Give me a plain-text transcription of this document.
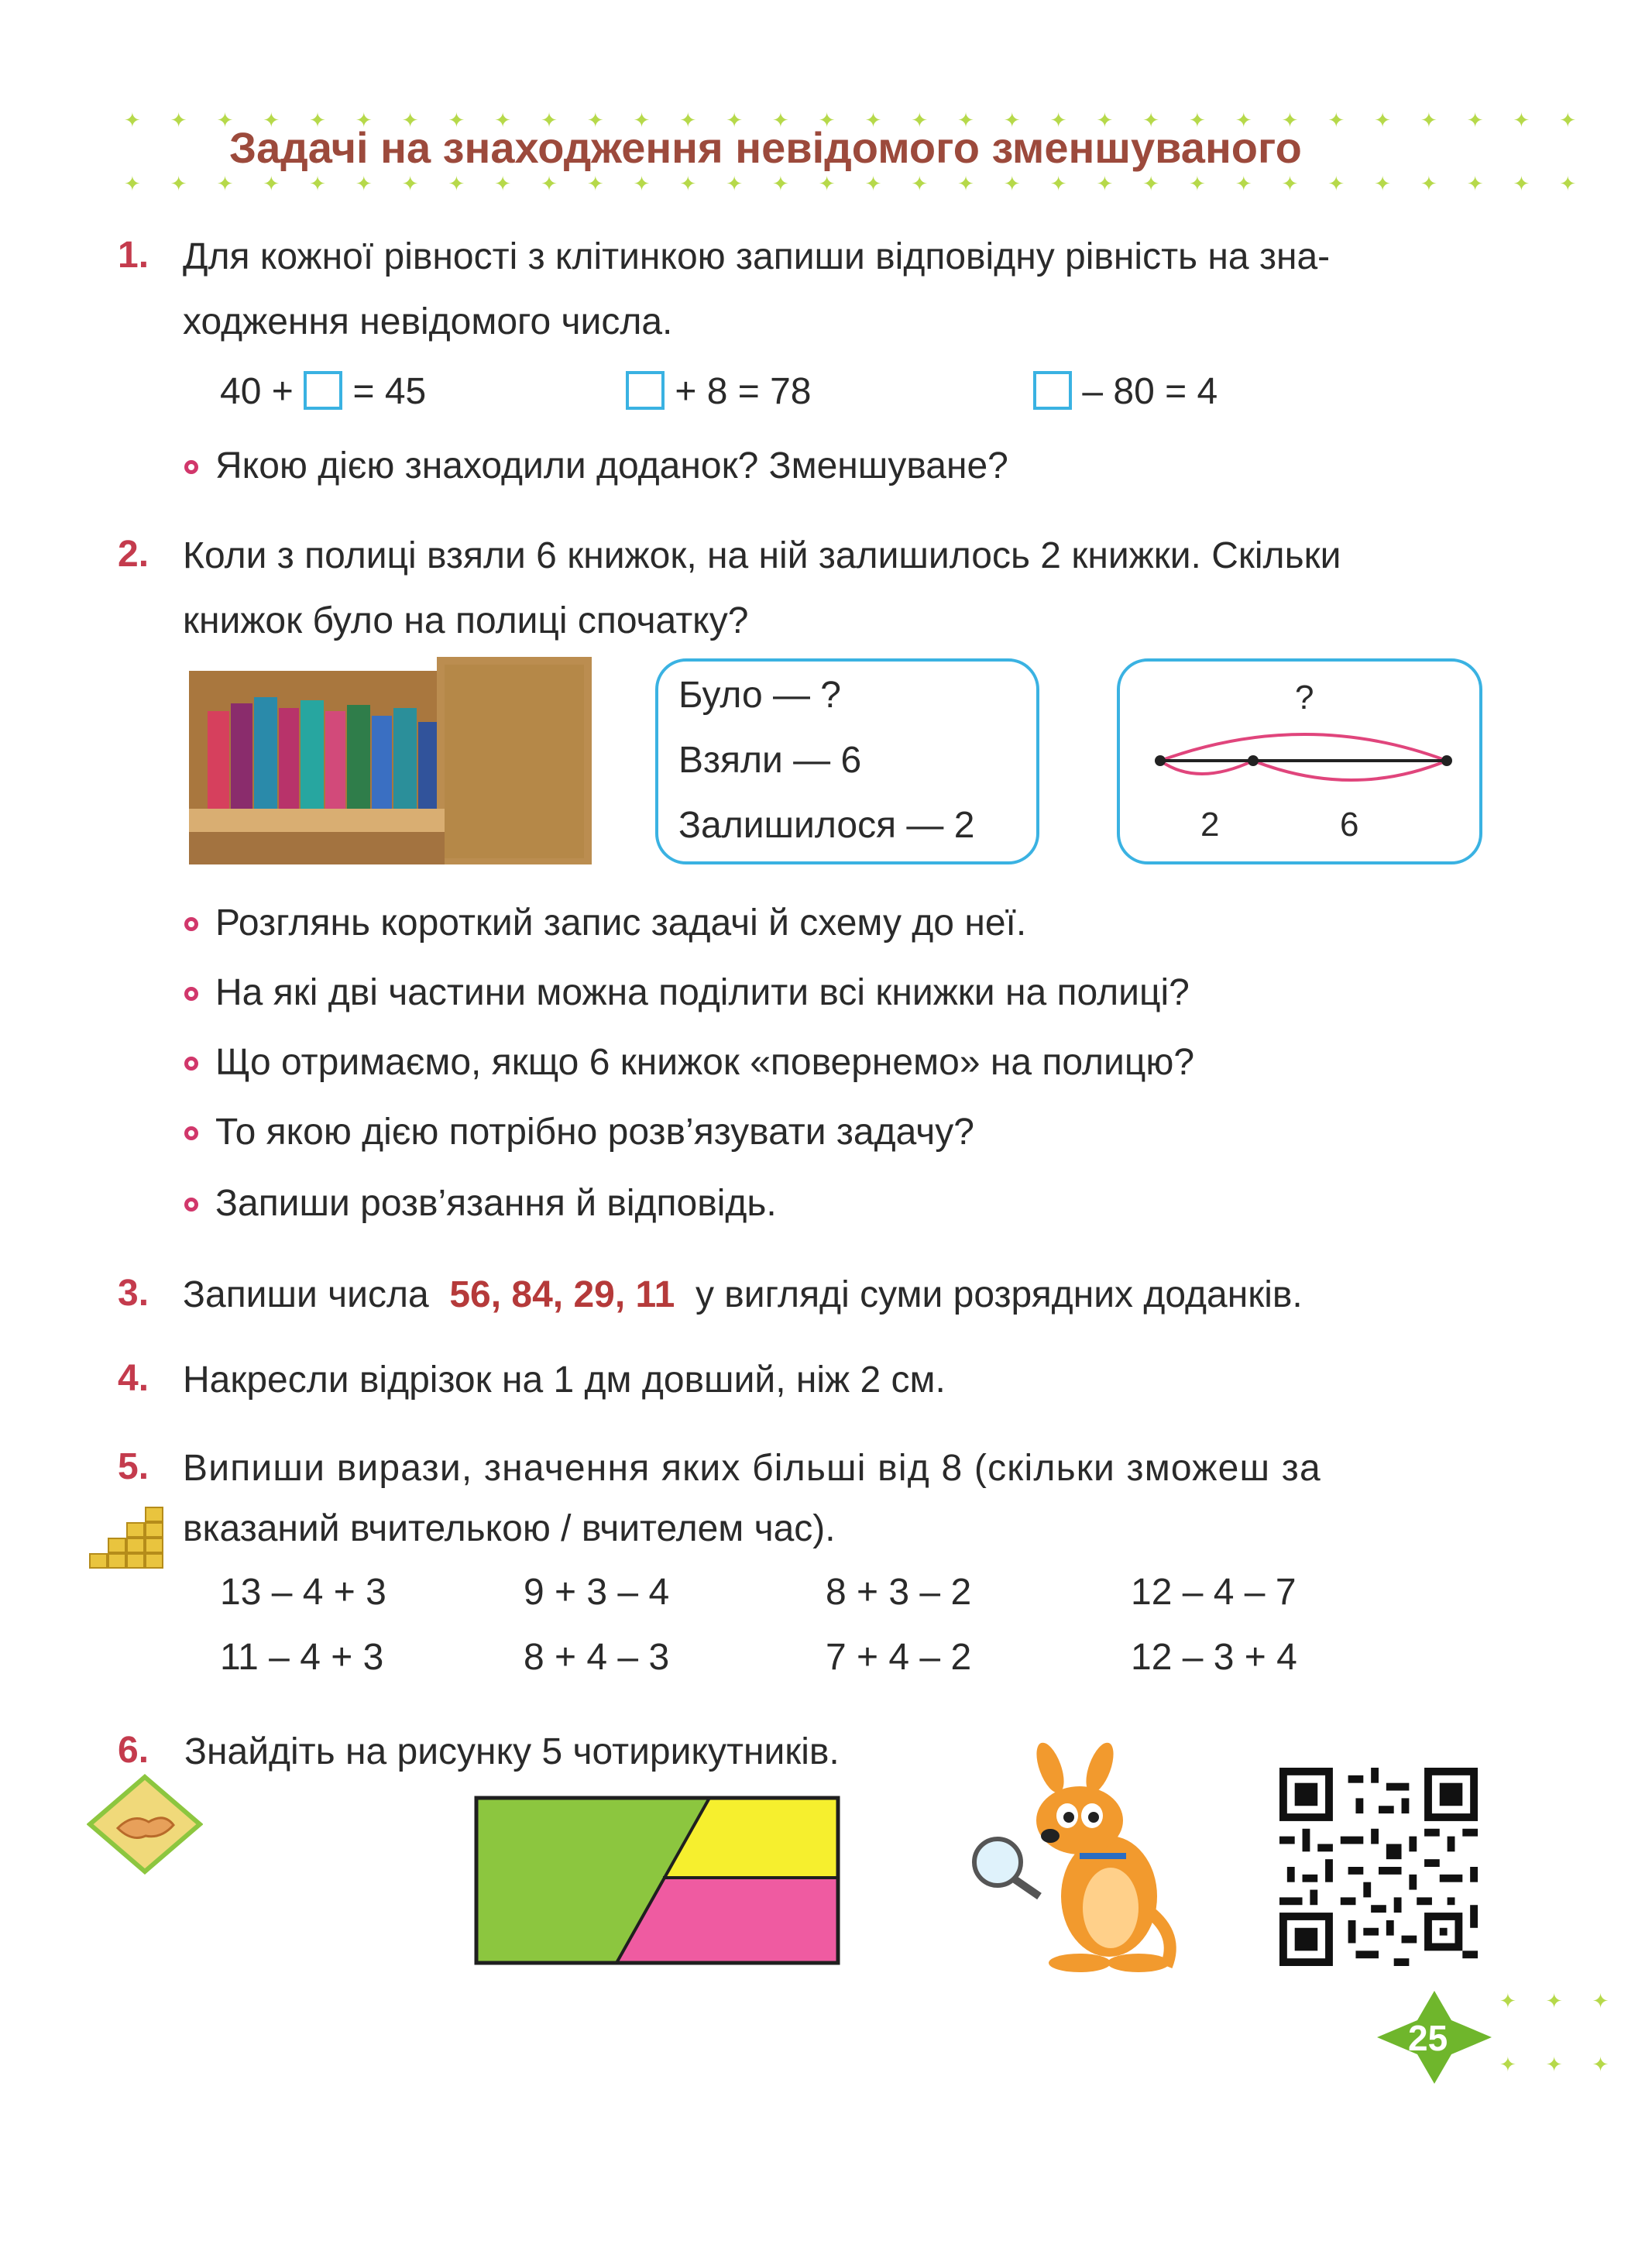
✦✦✦✦✦✦✦✦✦✦✦✦✦✦✦✦✦✦✦✦✦✦✦✦✦✦✦✦✦✦✦✦
✦✦✦✦✦✦✦✦✦✦✦✦✦✦✦✦✦✦✦✦✦✦✦✦✦✦✦✦✦✦✦✦
Задачі на знаходження невідомого зменшуваного
1. Для кожної рівності з клітинкою запиши відповідну рівність на зна-
ходження невідомого числа.
40 + = 45	+ 8 = 78	– 80 = 4
Якою дією знаходили доданок? Зменшуване?
2. Коли з полиці взяли 6 книжок, на ній залишилось 2 книжки. Скільки
книжок було на полиці спочатку?
Було — ?
Взяли — 6
Залишилося — 2
?
2	6
Розглянь короткий запис задачі й схему до неї.
На які дві частини можна поділити всі книжки на полиці?
Що отримаємо, якщо 6 книжок «повернемо» на полицю?
То якою дією потрібно розв’язувати задачу?
Запиши розв’язання й відповідь.
3. Запиши числа 56, 84, 29, 11 у вигляді суми розрядних доданків.
4. Накресли відрізок на 1 дм довший, ніж 2 см.
5. Випиши вирази, значення яких більші від 8 (скільки зможеш за
вказаний вчителькою / вчителем час).
13 – 4 + 3	9 + 3 – 4	8 + 3 – 2	12 – 4 – 7
11 – 4 + 3	8 + 4 – 3	7 + 4 – 2	12 – 3 + 4
6. Знайдіть на рисунку 5 чотирикутників.
25
✦✦✦
✦✦✦
